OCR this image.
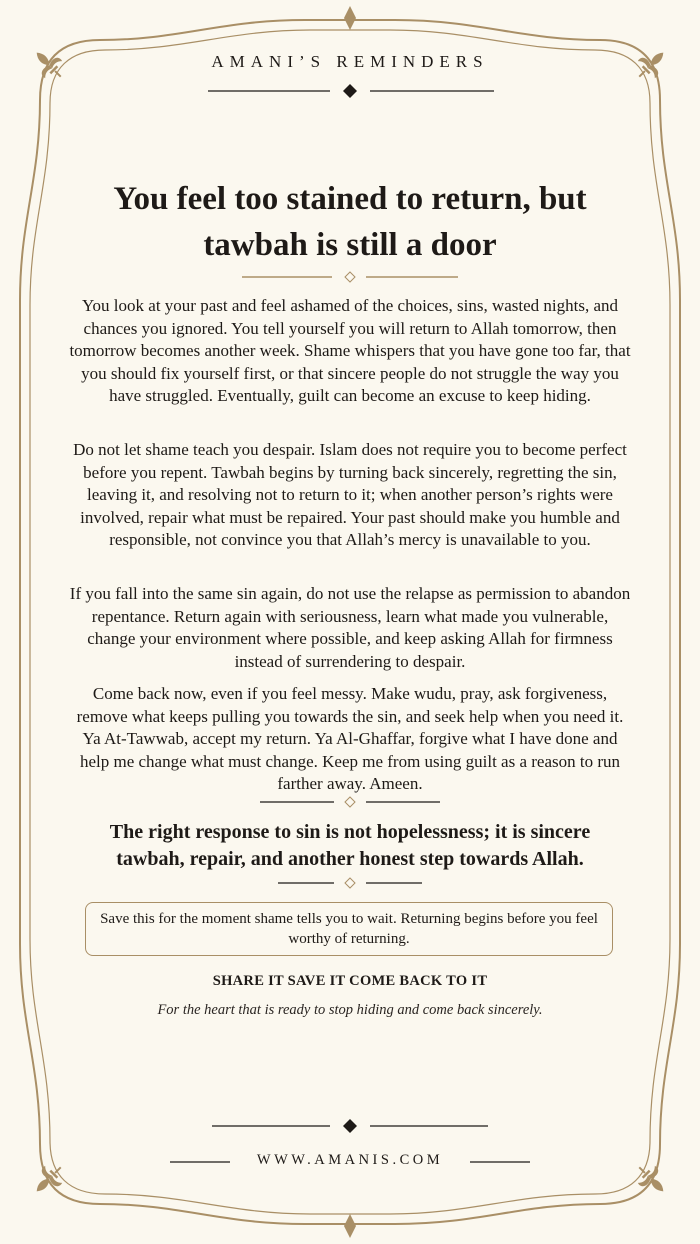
AMANI’S REMINDERS
You feel too stained to return, but tawbah is still a door

You look at your past and feel ashamed of the choices, sins, wasted nights, and chances you ignored. You tell yourself you will return to Allah tomorrow, then tomorrow becomes another week. Shame whispers that you have gone too far, that you should fix yourself first, or that sincere people do not struggle the way you have struggled. Eventually, guilt can become an excuse to keep hiding.

Do not let shame teach you despair. Islam does not require you to become perfect before you repent. Tawbah begins by turning back sincerely, regretting the sin, leaving it, and resolving not to return to it; when another person’s rights were involved, repair what must be repaired. Your past should make you humble and responsible, not convince you that Allah’s mercy is unavailable to you.

If you fall into the same sin again, do not use the relapse as permission to abandon repentance. Return again with seriousness, learn what made you vulnerable, change your environment where possible, and keep asking Allah for firmness instead of surrendering to despair.

Come back now, even if you feel messy. Make wudu, pray, ask forgiveness, remove what keeps pulling you towards the sin, and seek help when you need it. Ya At-Tawwab, accept my return. Ya Al-Ghaffar, forgive what I have done and help me change what must change. Keep me from using guilt as a reason to run farther away. Ameen.

The right response to sin is not hopelessness; it is sincere tawbah, repair, and another honest step towards Allah.
Save this for the moment shame tells you to wait. Returning begins before you feel worthy of returning.
SHARE IT SAVE IT COME BACK TO IT
For the heart that is ready to stop hiding and come back sincerely.
WWW.AMANIS.COM
